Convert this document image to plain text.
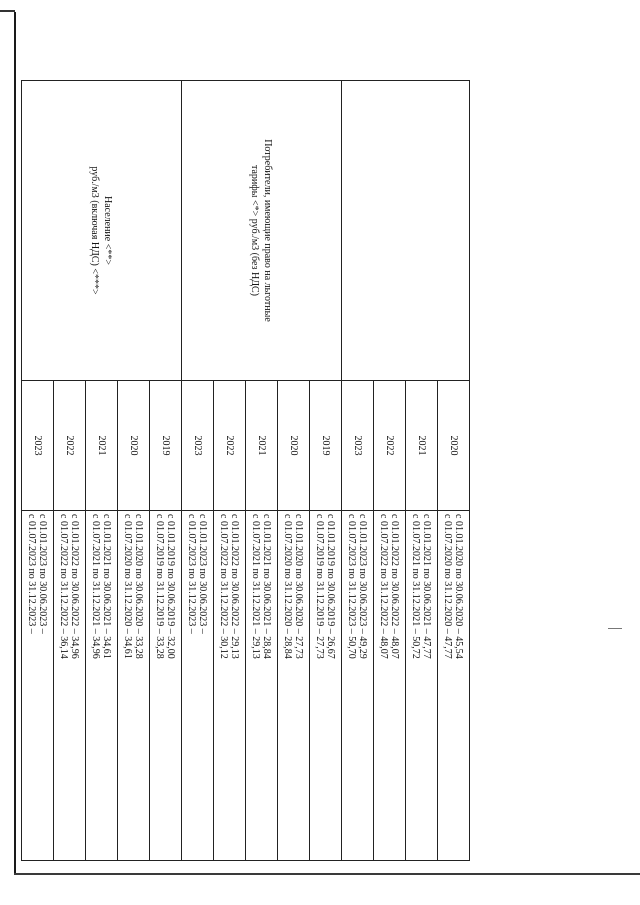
	2020	с 01.01.2020 по 30.06.2020 – 45,54
с 01.07.2020 по 31.12.2020 – 47,77

	2021	с 01.01.2021 по 30.06.2021 – 47,77
с 01.07.2021 по 31.12.2021 – 50,72

	2022	с 01.01.2022 по 30.06.2022 – 48,07
с 01.07.2022 по 31.12.2022 – 48,07

	2023	с 01.01.2023 по 30.06.2023 – 49,29
с 01.07.2023 по 31.12.2023 – 50,70

Потребители, имеющие право на льготные
тарифы <*> руб./м3 (без НДС)	2019	с 01.01.2019 по 30.06.2019 – 26,67
с 01.07.2019 по 31.12.2019 – 27,73

	2020	с 01.01.2020 по 30.06.2020 – 27,73
с 01.07.2020 по 31.12.2020 – 28,84

	2021	с 01.01.2021 по 30.06.2021 – 28,84
с 01.07.2021 по 31.12.2021 – 29,13

	2022	с 01.01.2022 по 30.06.2022 – 29,13
с 01.07.2022 по 31.12.2022 – 30,12

	2023	с 01.01.2023 по 30.06.2023 –
с 01.07.2023 по 31.12.2023 –

Население <**>
руб./м3 (включая НДС) <***>	2019	с 01.01.2019 по 30.06.2019 – 32,00
с 01.07.2019 по 31.12.2019 – 33,28

	2020	с 01.01.2020 по 30.06.2020 – 33,28
с 01.07.2020 по 31.12.2020 – 34,61

	2021	с 01.01.2021 по 30.06.2021 – 34,61
с 01.07.2021 по 31.12.2021 – 34,96

	2022	с 01.01.2022 по 30.06.2022 – 34,96
с 01.07.2022 по 31.12.2022 – 36,14

	2023	с 01.01.2023 по 30.06.2023 –
с 01.07.2023 по 31.12.2023 –
